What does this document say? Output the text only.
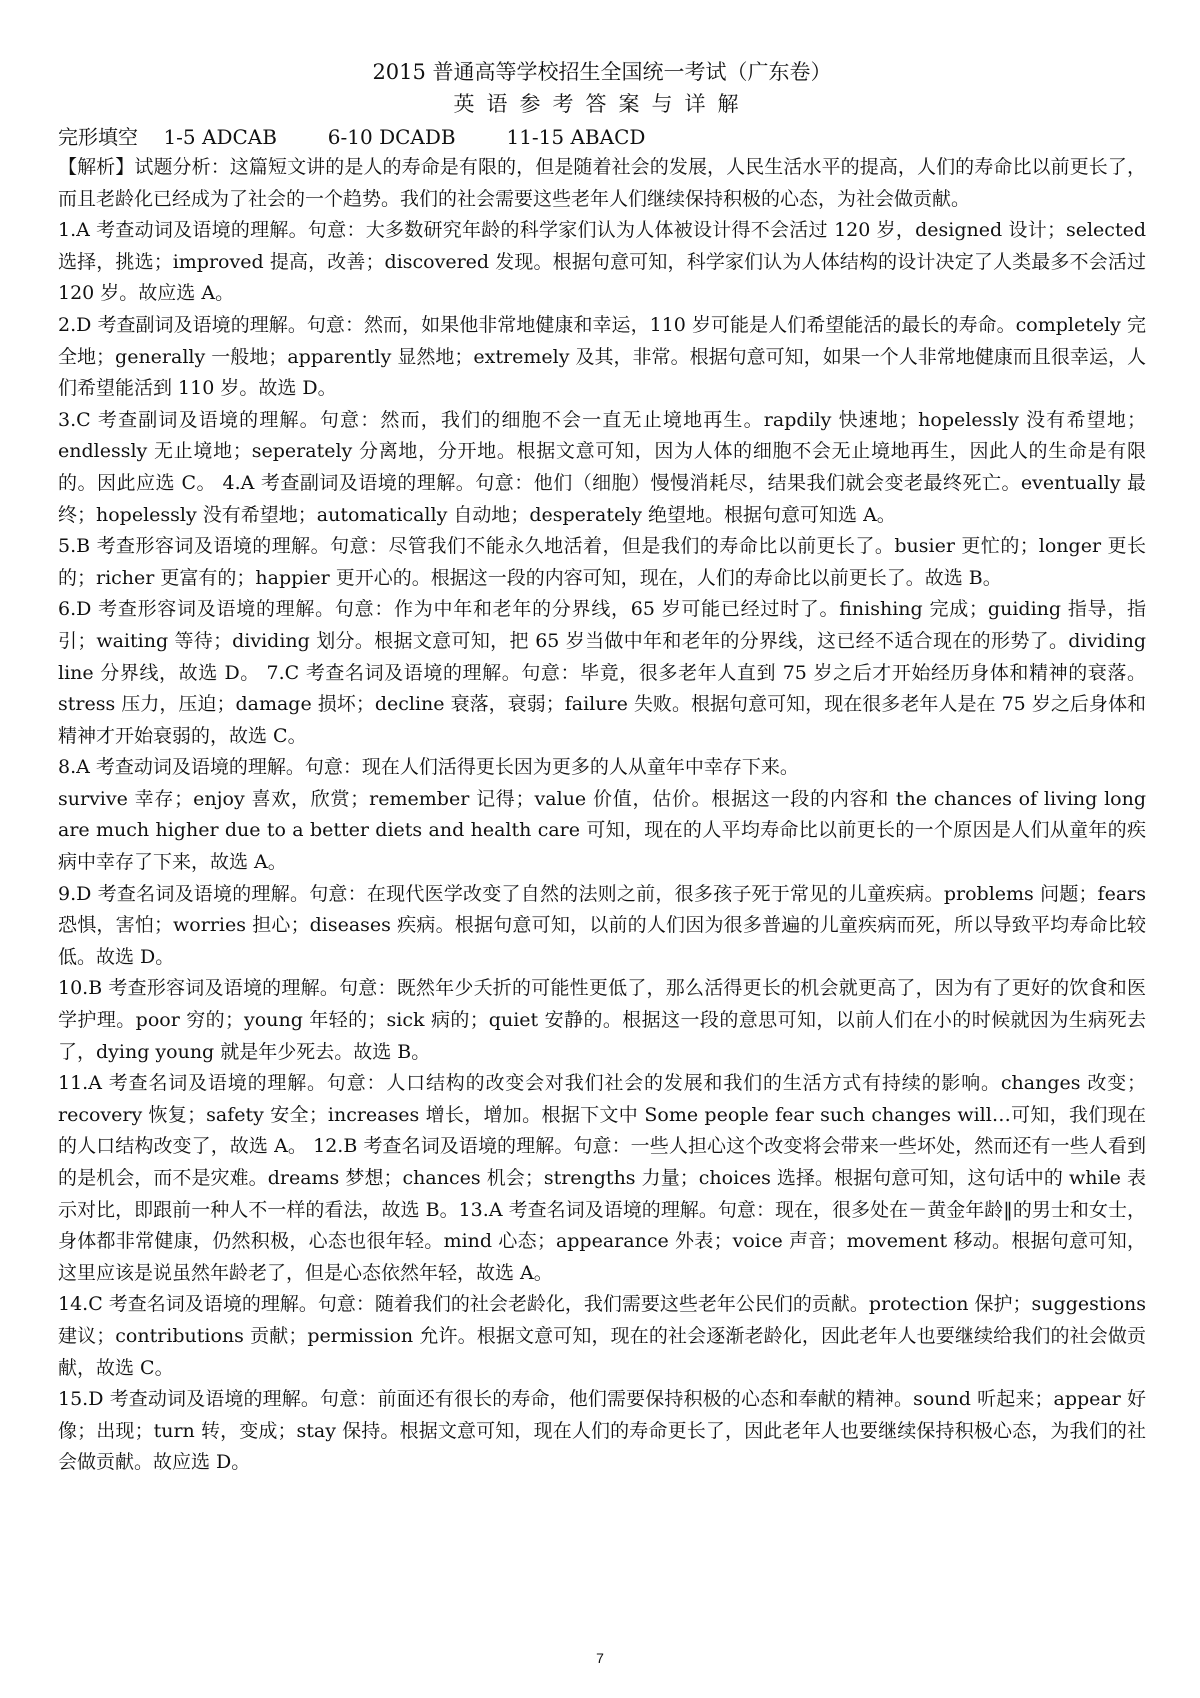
2015 普通高等学校招生全国统一考试（广东卷）

英语参考答案与详解

完形填空 1-5 ADCAB	6-10 DCADB	11-15 ABACD

【解析】试题分析：这篇短文讲的是人的寿命是有限的，但是随着社会的发展，人民生活水平的提高，人们的寿命比以前更长了，而且老龄化已经成为了社会的一个趋势。我们的社会需要这些老年人们继续保持积极的心态，为社会做贡献。

1.A 考查动词及语境的理解。句意：大多数研究年龄的科学家们认为人体被设计得不会活过 120 岁，designed 设计；selected 选择，挑选；improved 提高，改善；discovered 发现。根据句意可知，科学家们认为人体结构的设计决定了人类最多不会活过 120 岁。故应选 A。

2.D 考查副词及语境的理解。句意：然而，如果他非常地健康和幸运，110 岁可能是人们希望能活的最长的寿命。completely 完全地；generally 一般地；apparently 显然地；extremely 及其，非常。根据句意可知，如果一个人非常地健康而且很幸运，人们希望能活到 110 岁。故选 D。

3.C 考查副词及语境的理解。句意：然而，我们的细胞不会一直无止境地再生。rapdily 快速地；hopelessly 没有希望地；endlessly 无止境地；seperately 分离地，分开地。根据文意可知，因为人体的细胞不会无止境地再生，因此人的生命是有限的。因此应选 C。 4.A 考查副词及语境的理解。句意：他们（细胞）慢慢消耗尽，结果我们就会变老最终死亡。eventually 最终；hopelessly 没有希望地；automatically 自动地；desperately 绝望地。根据句意可知选 A。

5.B 考查形容词及语境的理解。句意：尽管我们不能永久地活着，但是我们的寿命比以前更长了。busier 更忙的；longer 更长的；richer 更富有的；happier 更开心的。根据这一段的内容可知，现在，人们的寿命比以前更长了。故选 B。

6.D 考查形容词及语境的理解。句意：作为中年和老年的分界线，65 岁可能已经过时了。finishing 完成；guiding 指导，指引；waiting 等待；dividing 划分。根据文意可知，把 65 岁当做中年和老年的分界线，这已经不适合现在的形势了。dividing line 分界线，故选 D。 7.C 考查名词及语境的理解。句意：毕竟，很多老年人直到 75 岁之后才开始经历身体和精神的衰落。stress 压力，压迫；damage 损坏；decline 衰落，衰弱；failure 失败。根据句意可知，现在很多老年人是在 75 岁之后身体和精神才开始衰弱的，故选 C。

8.A 考查动词及语境的理解。句意：现在人们活得更长因为更多的人从童年中幸存下来。

survive 幸存；enjoy 喜欢，欣赏；remember 记得；value 价值，估价。根据这一段的内容和 the chances of living long are much higher due to a better diets and health care 可知，现在的人平均寿命比以前更长的一个原因是人们从童年的疾病中幸存了下来，故选 A。

9.D 考查名词及语境的理解。句意：在现代医学改变了自然的法则之前，很多孩子死于常见的儿童疾病。problems 问题；fears 恐惧，害怕；worries 担心；diseases 疾病。根据句意可知，以前的人们因为很多普遍的儿童疾病而死，所以导致平均寿命比较低。故选 D。

10.B 考查形容词及语境的理解。句意：既然年少夭折的可能性更低了，那么活得更长的机会就更高了，因为有了更好的饮食和医学护理。poor 穷的；young 年轻的；sick 病的；quiet 安静的。根据这一段的意思可知，以前人们在小的时候就因为生病死去了，dying young 就是年少死去。故选 B。

11.A 考查名词及语境的理解。句意：人口结构的改变会对我们社会的发展和我们的生活方式有持续的影响。changes 改变；recovery 恢复；safety 安全；increases 增长，增加。根据下文中 Some people fear such changes will…可知，我们现在的人口结构改变了，故选 A。 12.B 考查名词及语境的理解。句意：一些人担心这个改变将会带来一些坏处，然而还有一些人看到的是机会，而不是灾难。dreams 梦想；chances 机会；strengths 力量；choices 选择。根据句意可知，这句话中的 while 表示对比，即跟前一种人不一样的看法，故选 B。13.A 考查名词及语境的理解。句意：现在，很多处在－黄金年龄‖的男士和女士，身体都非常健康，仍然积极，心态也很年轻。mind 心态；appearance 外表；voice 声音；movement 移动。根据句意可知，这里应该是说虽然年龄老了，但是心态依然年轻，故选 A。

14.C 考查名词及语境的理解。句意：随着我们的社会老龄化，我们需要这些老年公民们的贡献。protection 保护；suggestions 建议；contributions 贡献；permission 允许。根据文意可知，现在的社会逐渐老龄化，因此老年人也要继续给我们的社会做贡献，故选 C。

15.D 考查动词及语境的理解。句意：前面还有很长的寿命，他们需要保持积极的心态和奉献的精神。sound 听起来；appear 好像；出现；turn 转，变成；stay 保持。根据文意可知，现在人们的寿命更长了，因此老年人也要继续保持积极心态，为我们的社会做贡献。故应选 D。

7
